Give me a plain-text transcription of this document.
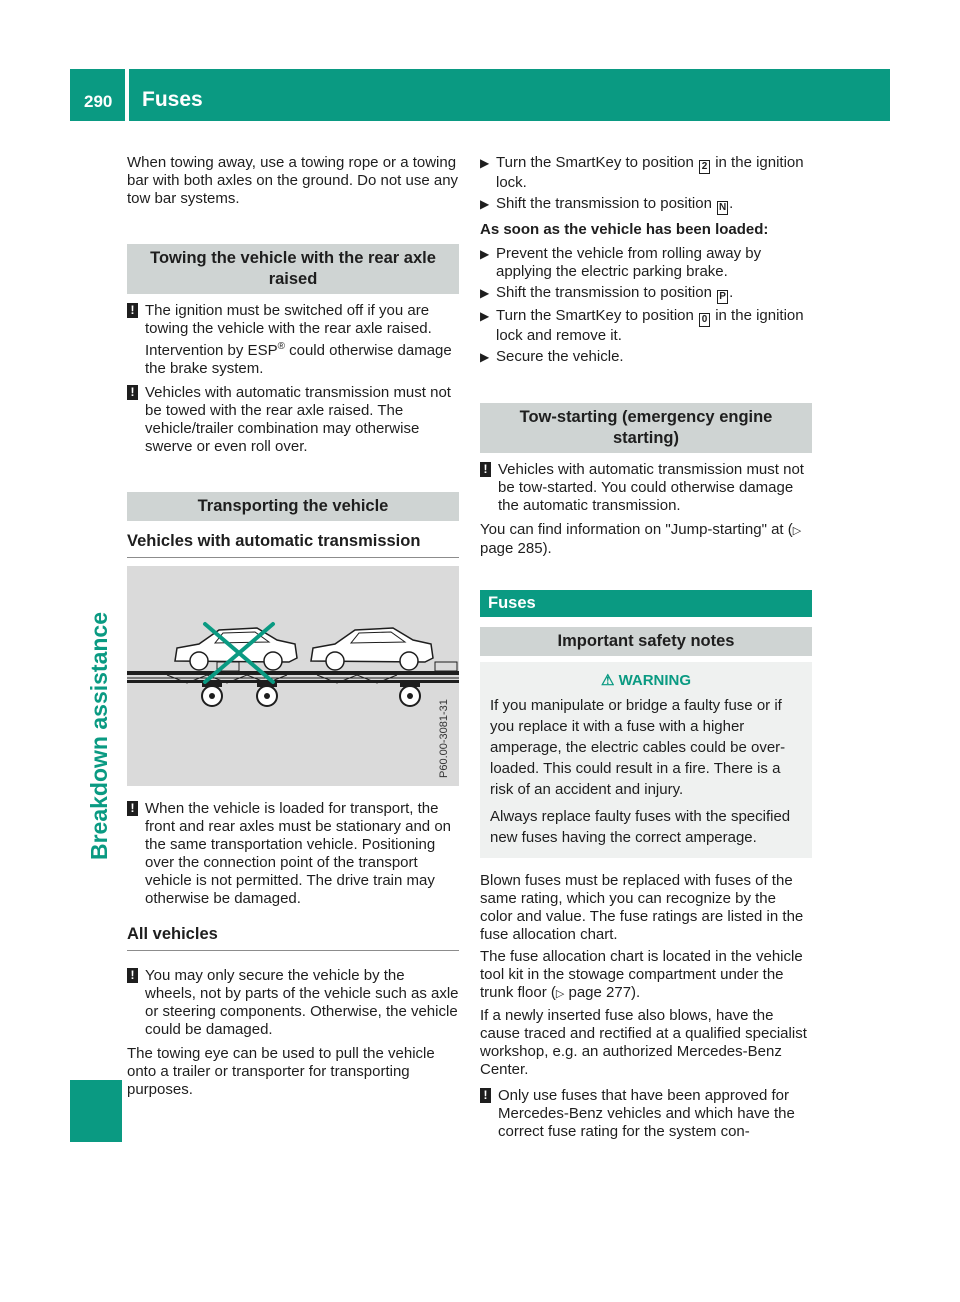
290 Fuses
Breakdown assistance

When towing away, use a towing rope or a towing bar with both axles on the ground. Do not use any tow bar systems.

Towing the vehicle with the rear axle raised
! The ignition must be switched off if you are towing the vehicle with the rear axle raised. Intervention by ESP® could otherwise damage the brake system.
! Vehicles with automatic transmission must not be towed with the rear axle raised. The vehicle/trailer combination may otherwise swerve or even roll over.
Transporting the vehicle
Vehicles with automatic transmission
P60.00-3081-31
! When the vehicle is loaded for transport, the front and rear axles must be stationary and on the same transportation vehicle. Positioning over the connection point of the transport vehicle is not permitted. The drive train may otherwise be damaged.
All vehicles
! You may only secure the vehicle by the wheels, not by parts of the vehicle such as axle or steering components. Otherwise, the vehicle could be damaged.

The towing eye can be used to pull the vehicle onto a trailer or transporter for transporting purposes.

▶ Turn the SmartKey to position 2 in the ignition lock.
▶ Shift the transmission to position N .

As soon as the vehicle has been loaded:

▶ Prevent the vehicle from rolling away by applying the electric parking brake.
▶ Shift the transmission to position P .
▶ Turn the SmartKey to position 0 in the ignition lock and remove it.
▶ Secure the vehicle.
Tow-starting (emergency engine starting)
! Vehicles with automatic transmission must not be tow-started. You could otherwise damage the automatic transmission.

You can find information on "Jump-starting" at (▷ page 285).

Fuses
Important safety notes
⚠ WARNING

If you manipulate or bridge a faulty fuse or if you replace it with a fuse with a higher amperage, the electric cables could be overloaded. This could result in a fire. There is a risk of an accident and injury.

Always replace faulty fuses with the specified new fuses having the correct amperage.

Blown fuses must be replaced with fuses of the same rating, which you can recognize by the color and value. The fuse ratings are listed in the fuse allocation chart.

The fuse allocation chart is located in the vehicle tool kit in the stowage compartment under the trunk floor (▷ page 277).

If a newly inserted fuse also blows, have the cause traced and rectified at a qualified specialist workshop, e.g. an authorized Mercedes-Benz Center.

! Only use fuses that have been approved for Mercedes-Benz vehicles and which have the correct fuse rating for the system con-
